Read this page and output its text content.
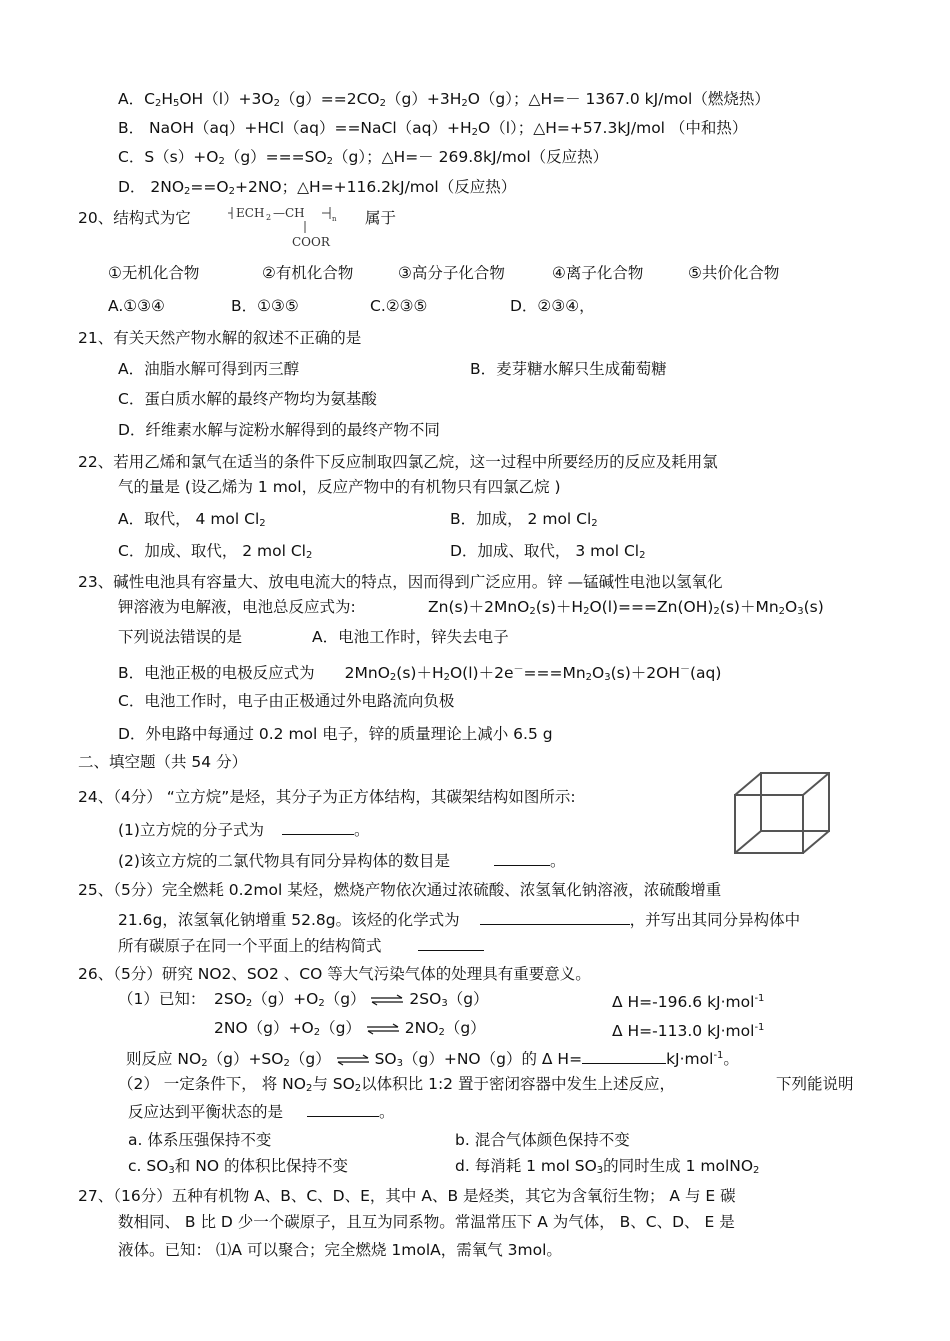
A．$C_2H_5OH(l)+3O_2(g)==2CO_2(g)+3H_2O(g)$；△H=－ 1367.0 kJ/mol（燃烧热）
B． $NaOH(aq)+HCl(aq)==NaCl(aq)+H_2O(l)$；△H=+57.3kJ/mol （中和热）
C．$S(s)+O_2(g)===SO_2(g)$；△H=－ 269.8kJ/mol（反应热）
D． $2NO_2==O_2+2NO$；△H=+116.2kJ/mol（反应热）
20、结构式为它	ECH 2 —CH	n
COOR
属于
①无机化合物	②有机化合物	③高分子化合物	④离子化合物	⑤共价化合物
A.①③④	B．①③⑤	C.②③⑤	D．②③④，
21、有关天然产物水解的叙述不正确的是
A．油脂水解可得到丙三醇	B．麦芽糖水解只生成葡萄糖
C．蛋白质水解的最终产物均为氨基酸
D．纤维素水解与淀粉水解得到的最终产物不同
22、若用乙烯和氯气在适当的条件下反应制取四氯乙烷，这一过程中所要经历的反应及耗用氯
气的量是 (设乙烯为 1 mol，反应产物中的有机物只有四氯乙烷 )
A．取代， 4 mol $Cl_2$	B．加成， 2 mol $Cl_2$
C．加成、取代， 2 mol $Cl_2$	D．加成、取代， 3 mol $Cl_2$
23、碱性电池具有容量大、放电电流大的特点，因而得到广泛应用。锌 —锰碱性电池以氢氧化
钾溶液为电解液，电池总反应式为:	$Zn(s)+2MnO_2(s)+H_2O(l)===Zn(OH)_2(s)+Mn_2O_3(s)$
下列说法错误的是	A．电池工作时，锌失去电子
B．电池正极的电极反应式为 $2MnO_2(s)+H_2O(l)+2e^-===Mn_2O_3(s)+2OH^-(aq)$
C．电池工作时，电子由正极通过外电路流向负极
D．外电路中每通过 0.2 mol 电子，锌的质量理论上减小 6.5 g
二、填空题（共 54 分）
24、（4分） “立方烷”是烃，其分子为正方体结构，其碳架结构如图所示:
(1)立方烷的分子式为	。
(2)该立方烷的二氯代物具有同分异构体的数目是	。
25、（5分）完全燃耗 0.2mol 某烃，燃烧产物依次通过浓硫酸、浓氢氧化钠溶液，浓硫酸增重
21.6g，浓氢氧化钠增重 52.8g。该烃的化学式为	，并写出其同分异构体中
所有碳原子在同一个平面上的结构简式
26、（5分）研究 NO2、SO2 、CO 等大气污染气体的处理具有重要意义。
（1）已知： $2SO_2(g)+O_2(g)$ ⇌ $2SO_3(g)$	Δ H=-196.6 kJ·mol$^{-1}$
$2NO(g)+O_2(g)$ ⇌ $2NO_2(g)$	Δ H=-113.0 kJ·mol$^{-1}$
则反应 $NO_2(g)+SO_2(g)$ ⇌ $SO_3(g)+NO(g)$的 Δ H=	kJ·mol$^{-1}$。
（2） 一定条件下， 将 $NO_2$与 $SO_2$以体积比 1:2 置于密闭容器中发生上述反应，	下列能说明
反应达到平衡状态的是	。
a. 体系压强保持不变	b. 混合气体颜色保持不变
c. $SO_3$和 NO 的体积比保持不变	d. 每消耗 1 mol $SO_3$的同时生成 1 molNO$_2$
27、（16分）五种有机物 A、B、C、D、E，其中 A、B 是烃类，其它为含氧衍生物； A 与 E 碳
数相同、 B 比 D 少一个碳原子，且互为同系物。常温常压下 A 为气体， B、C、D、 E 是
液体。已知： ⑴A 可以聚合；完全燃烧 1molA，需氧气 3mol。
